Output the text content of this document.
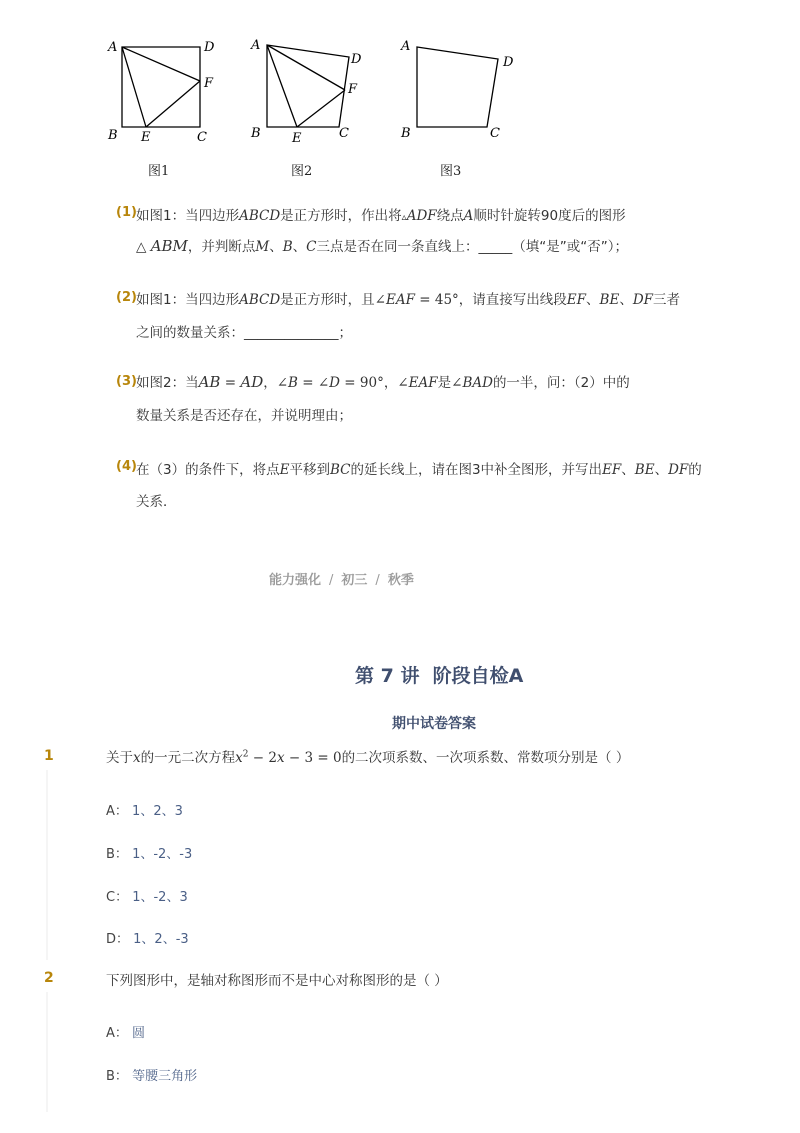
A	D
F
B E	C
图1
A
D
F
B E	C
图2
A
D
B	C
图3
(1) 如图1：当四边形ABCD是正方形时，作出将▵ADF绕点A顺时针旋转90度后的图形
△ ABM，并判断点M、B、C三点是否在同一条直线上：_____（填“是”或“否”）；
(2) 如图1：当四边形ABCD是正方形时，且∠EAF = 45°，请直接写出线段EF、BE、DF三者
之间的数量关系：______________；
(3) 如图2：当AB = AD，∠B = ∠D = 90°，∠EAF是∠BAD的一半，问：（2）中的
数量关系是否还存在，并说明理由；
(4) 在（3）的条件下，将点E平移到BC的延长线上，请在图3中补全图形，并写出EF、BE、DF的
关系．
能力强化 / 初三 / 秋季
第 7 讲  阶段自检A
期中试卷答案
1	关于x的一元二次方程$x^2 - 2x - 3 = 0$的二次项系数、一次项系数、常数项分别是（ ）
A： 1、2、3
B： 1、-2、-3
C： 1、-2、3
D： 1、2、-3
2	下列图形中，是轴对称图形而不是中心对称图形的是（ ）
A： 圆
B： 等腰三角形
